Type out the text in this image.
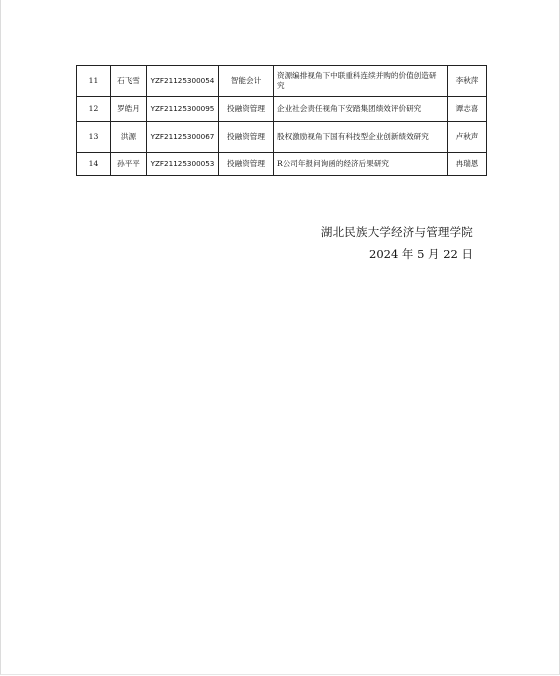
11	石飞雪	YZF21125300054	智能会计	资源编排视角下中联重科连续并购的价值创造研究	李秋萍
12	罗皓月	YZF21125300095	投融资管理	企业社会责任视角下安踏集团绩效评价研究	谭志喜
13	洪源	YZF21125300067	投融资管理	股权激励视角下国有科技型企业创新绩效研究	卢秋声
14	孙平平	YZF21125300053	投融资管理	R公司年报问询函的经济后果研究	冉瑞恩
湖北民族大学经济与管理学院
2024 年 5 月 22 日
